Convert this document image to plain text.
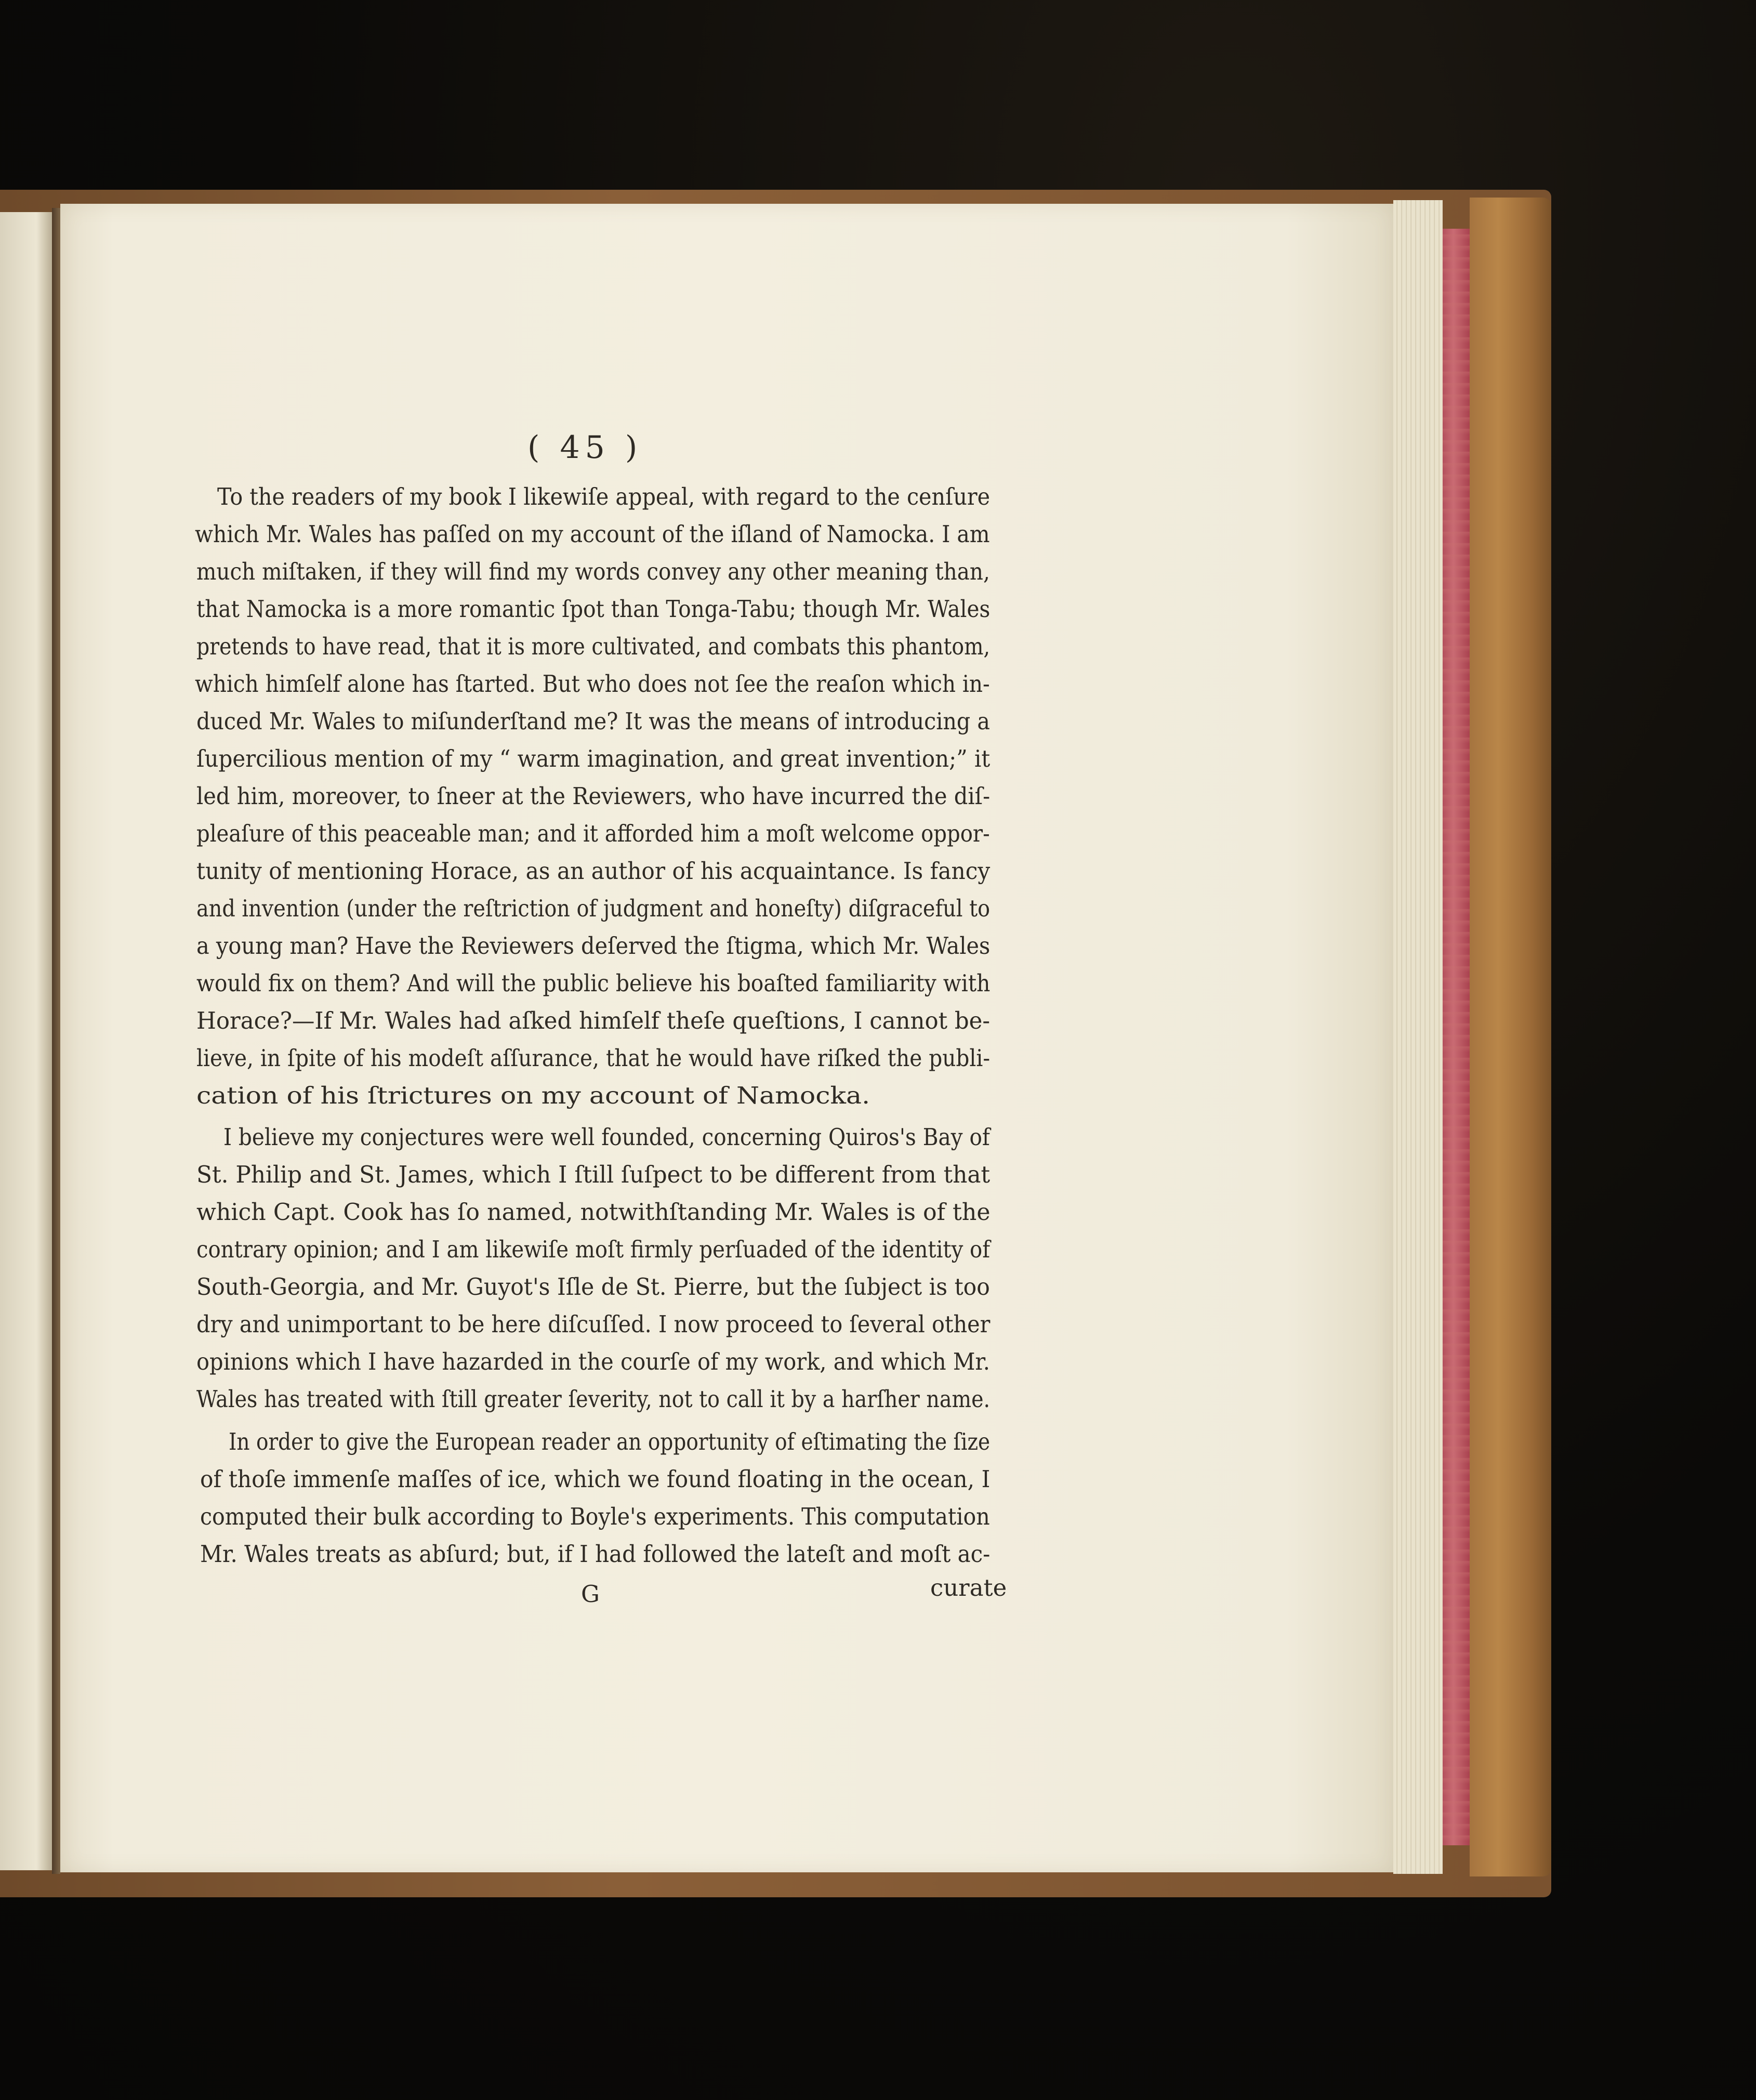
( 45 )

To the readers of my book I likewiſe appeal, with regard to the cenſure

which Mr. Wales has paſſed on my account of the iſland of Namocka. I am

much miſtaken, if they will find my words convey any other meaning than,

that Namocka is a more romantic ſpot than Tonga-Tabu; though Mr. Wales

pretends to have read, that it is more cultivated, and combats this phantom,

which himſelf alone has ſtarted. But who does not ſee the reaſon which in-

duced Mr. Wales to miſunderſtand me? It was the means of introducing a

ſupercilious mention of my “ warm imagination, and great invention;” it

led him, moreover, to ſneer at the Reviewers, who have incurred the diſ-

pleaſure of this peaceable man; and it afforded him a moſt welcome oppor-

tunity of mentioning Horace, as an author of his acquaintance. Is fancy

and invention (under the reſtriction of judgment and honeſty) diſgraceful to

a young man? Have the Reviewers deſerved the ſtigma, which Mr. Wales

would fix on them? And will the public believe his boaſted familiarity with

Horace?—If Mr. Wales had aſked himſelf theſe queſtions, I cannot be-

lieve, in ſpite of his modeſt aſſurance, that he would have riſked the publi-

cation of his ſtrictures on my account of Namocka.

I believe my conjectures were well founded, concerning Quiros's Bay of

St. Philip and St. James, which I ſtill ſuſpect to be different from that

which Capt. Cook has ſo named, notwithſtanding Mr. Wales is of the

contrary opinion; and I am likewiſe moſt firmly perſuaded of the identity of

South-Georgia, and Mr. Guyot's Iſle de St. Pierre, but the ſubject is too

dry and unimportant to be here diſcuſſed. I now proceed to ſeveral other

opinions which I have hazarded in the courſe of my work, and which Mr.

Wales has treated with ſtill greater ſeverity, not to call it by a harſher name.

In order to give the European reader an opportunity of eſtimating the ſize

of thoſe immenſe maſſes of ice, which we found floating in the ocean, I

computed their bulk according to Boyle's experiments. This computation

Mr. Wales treats as abſurd; but, if I had followed the lateſt and moſt ac-

G	curate
